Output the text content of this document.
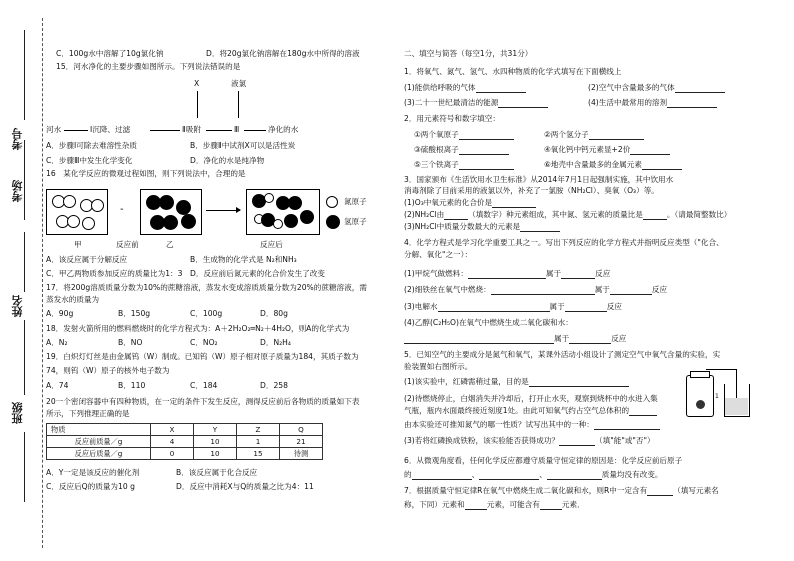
考号
考场
姓名
班级
C．100g水中溶解了10g氯化钠	D．将20g氯化钠溶解在180g水中所得的溶液
15．河水净化的主要步骤如图所示。下列说法错误的是
X	液氯
河水	Ⅰ沉降、过滤	Ⅱ吸附	Ⅲ	净化的水
A．步骤Ⅰ可除去难溶性杂质	B．步骤Ⅱ中试剂X可以是活性炭
C．步骤Ⅲ中发生化学变化	D．净化的水是纯净物
16　某化学反应的微观过程如图，则下列说法中，合理的是
-
氮原子
氢原子
甲	反应前	乙	反应后
A．该反应属于分解反应	B．生成物的化学式是 N₂和NH₃
C．甲乙两物质参加反应的质量比为1：3 D．反应前后氮元素的化合价发生了改变
17．将200g溶质质量分数为10%的蔗糖溶液，蒸发水变成溶质质量分数为20%的蔗糖溶液，需
蒸发水的质量为
A．90g	B．150g	C．100g	D．80g
18．发射火箭所用的燃料燃烧时的化学方程式为：A＋2H₂O₂═N₂＋4H₂O，则A的化学式为
A．N₂	B．NO	C．NO₂	D．N₂H₄
19．白炽灯灯丝是由金属钨（W）制成。已知钨（W）原子相对原子质量为184，其质子数为
74，则钨（W）原子的核外电子数为
A．74	B．110	C．184	D．258
20一个密闭容器中有四种物质，在一定的条件下发生反应，测得反应前后各物质的质量如下表
所示，下列推理正确的是
物质	X	Y	Z	Q
反应前质量／g	4	10	1	21
反应后质量／g	0	10	15	待测
A．Y一定是该反应的催化剂	B．该反应属于化合反应
C．反应后Q的质量为10 g	D．反应中消耗X与Q的质量之比为4：11
二、填空与简答（每空1分，共31分）
1．将氧气、氮气、氢气、水四种物质的化学式填写在下面横线上
(1)能供给呼吸的气体	(2)空气中含量最多的气体
(3)二十一世纪最清洁的能源	(4)生活中最常用的溶剂
2．用元素符号和数字填空：
①两个氧原子	②两个氢分子
③硫酸根离子	④氧化钙中钙元素显+2价
⑤三个铁离子	⑥地壳中含量最多的金属元素
3．国家颁布《生活饮用水卫生标准》从2014年7月1日起强制实施，其中饮用水
消毒剂除了目前采用的液氯以外，补充了一氯胺（NH₂Cl）、臭氧（O₃）等。
(1)O₃中氧元素的化合价是
(2)NH₂Cl由	（填数字）种元素组成，其中氮、氢元素的质量比是	。（请最简整数比）
(3)NH₂Cl中质量分数最大的元素是
4．化学方程式是学习化学重要工具之一。写出下列反应的化学方程式并指明反应类型（"化合、
分解、氧化"之一）：
(1)甲烷气做燃料：	属于	反应
(2)细铁丝在氧气中燃烧：	属于	反应
(3)电解水	属于	反应
(4)乙醇(C₂H₅O)在氧气中燃烧生成二氧化碳和水：
属于	反应
5．已知空气的主要成分是氮气和氧气，某课外活动小组设计了测定空气中氧气含量的实验，实
验装置如右图所示。
(1)该实验中，红磷需稍过量，目的是
(2)待燃烧停止，白烟消失并冷却后，打开止水夹，观察到烧杯中的水进入集
气瓶，瓶内水面最终接近刻度1处。由此可知氧气约占空气总体积的
由本实验还可推知氮气的哪一性质？试写出其中的一种：
(3)若将红磷换成铁粉，该实验能否获得成功？	（填"能"或"否"）
1
6．从微观角度看，任何化学反应都遵守质量守恒定律的原因是：化学反应前后原子
的	、	、	质量均没有改变。
7．根据质量守恒定律R在氧气中燃烧生成二氧化碳和水，则R中一定含有	（填写元素名
称，下同）元素和	元素，可能含有	元素．
